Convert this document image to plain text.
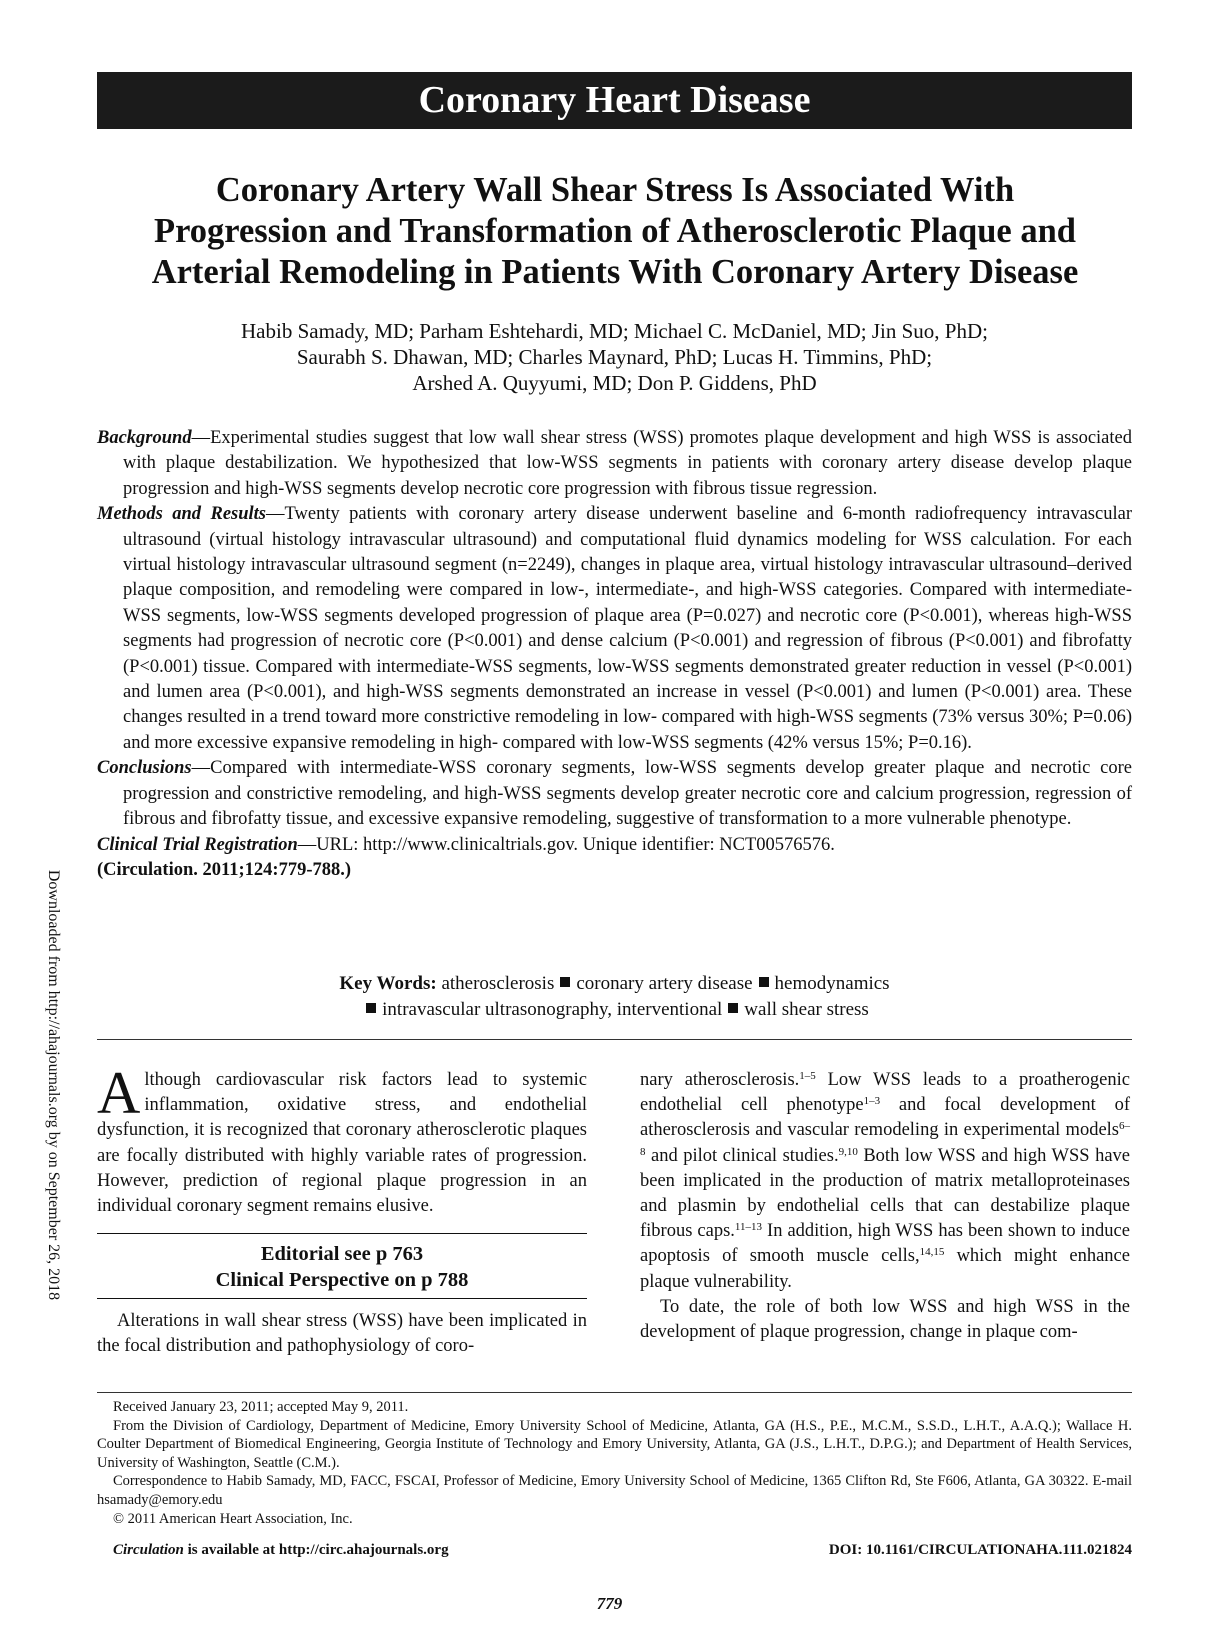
Coronary Heart Disease
Coronary Artery Wall Shear Stress Is Associated With
Progression and Transformation of Atherosclerotic Plaque and
Arterial Remodeling in Patients With Coronary Artery Disease
Habib Samady, MD; Parham Eshtehardi, MD; Michael C. McDaniel, MD; Jin Suo, PhD;
Saurabh S. Dhawan, MD; Charles Maynard, PhD; Lucas H. Timmins, PhD;
Arshed A. Quyyumi, MD; Don P. Giddens, PhD

Background—Experimental studies suggest that low wall shear stress (WSS) promotes plaque development and high WSS is associated with plaque destabilization. We hypothesized that low-WSS segments in patients with coronary artery disease develop plaque progression and high-WSS segments develop necrotic core progression with fibrous tissue regression.

Methods and Results—Twenty patients with coronary artery disease underwent baseline and 6-month radiofrequency intravascular ultrasound (virtual histology intravascular ultrasound) and computational fluid dynamics modeling for WSS calculation. For each virtual histology intravascular ultrasound segment (n=2249), changes in plaque area, virtual histology intravascular ultrasound–derived plaque composition, and remodeling were compared in low-, intermediate-, and high-WSS categories. Compared with intermediate-WSS segments, low-WSS segments developed progression of plaque area (P=0.027) and necrotic core (P<0.001), whereas high-WSS segments had progression of necrotic core (P<0.001) and dense calcium (P<0.001) and regression of fibrous (P<0.001) and fibrofatty (P<0.001) tissue. Compared with intermediate-WSS segments, low-WSS segments demonstrated greater reduction in vessel (P<0.001) and lumen area (P<0.001), and high-WSS segments demonstrated an increase in vessel (P<0.001) and lumen (P<0.001) area. These changes resulted in a trend toward more constrictive remodeling in low- compared with high-WSS segments (73% versus 30%; P=0.06) and more excessive expansive remodeling in high- compared with low-WSS segments (42% versus 15%; P=0.16).

Conclusions—Compared with intermediate-WSS coronary segments, low-WSS segments develop greater plaque and necrotic core progression and constrictive remodeling, and high-WSS segments develop greater necrotic core and calcium progression, regression of fibrous and fibrofatty tissue, and excessive expansive remodeling, suggestive of transformation to a more vulnerable phenotype.

Clinical Trial Registration—URL: http://www.clinicaltrials.gov. Unique identifier: NCT00576576.

(Circulation. 2011;124:779-788.)

Key Words: atherosclerosis coronary artery disease hemodynamics
intravascular ultrasonography, interventional wall shear stress

Although cardiovascular risk factors lead to systemic inflammation, oxidative stress, and endothelial dysfunction, it is recognized that coronary atherosclerotic plaques are focally distributed with highly variable rates of progression. However, prediction of regional plaque progression in an individual coronary segment remains elusive.

Editorial see p 763
Clinical Perspective on p 788

Alterations in wall shear stress (WSS) have been implicated in the focal distribution and pathophysiology of coro-

nary atherosclerosis.$^{1-5}$ Low WSS leads to a proatherogenic endothelial cell phenotype$^{1-3}$ and focal development of atherosclerosis and vascular remodeling in experimental models$^{6-8}$ and pilot clinical studies.$^{9,10}$ Both low WSS and high WSS have been implicated in the production of matrix metalloproteinases and plasmin by endothelial cells that can destabilize plaque fibrous caps.$^{11-13}$ In addition, high WSS has been shown to induce apoptosis of smooth muscle cells,$^{14,15}$ which might enhance plaque vulnerability.

To date, the role of both low WSS and high WSS in the development of plaque progression, change in plaque com-

Received January 23, 2011; accepted May 9, 2011.

From the Division of Cardiology, Department of Medicine, Emory University School of Medicine, Atlanta, GA (H.S., P.E., M.C.M., S.S.D., L.H.T., A.A.Q.); Wallace H. Coulter Department of Biomedical Engineering, Georgia Institute of Technology and Emory University, Atlanta, GA (J.S., L.H.T., D.P.G.); and Department of Health Services, University of Washington, Seattle (C.M.).

Correspondence to Habib Samady, MD, FACC, FSCAI, Professor of Medicine, Emory University School of Medicine, 1365 Clifton Rd, Ste F606, Atlanta, GA 30322. E-mail hsamady@emory.edu

© 2011 American Heart Association, Inc.

Circulation is available at http://circ.ahajournals.org	DOI: 10.1161/CIRCULATIONAHA.111.021824
779
Downloaded from http://ahajournals.org by on September 26, 2018
